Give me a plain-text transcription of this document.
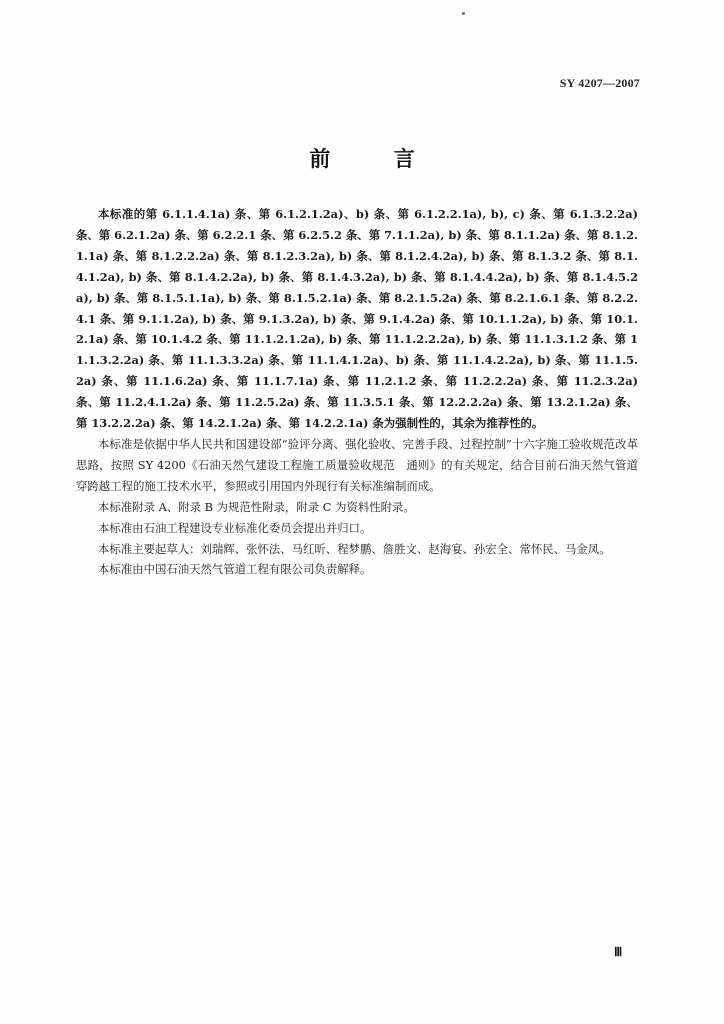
SY 4207—2007
前 言

本标准的第 6.1.1.4.1a) 条、第 6.1.2.1.2a)、b) 条、第 6.1.2.2.1a), b), c) 条、第 6.1.3.2.2a) 条、第 6.2.1.2a) 条、第 6.2.2.1 条、第 6.2.5.2 条、第 7.1.1.2a), b) 条、第 8.1.1.2a) 条、第 8.1.2.1.1a) 条、第 8.1.2.2.2a) 条、第 8.1.2.3.2a), b) 条、第 8.1.2.4.2a), b) 条、第 8.1.3.2 条、第 8.1.4.1.2a), b) 条、第 8.1.4.2.2a), b) 条、第 8.1.4.3.2a), b) 条、第 8.1.4.4.2a), b) 条、第 8.1.4.5.2a), b) 条、第 8.1.5.1.1a), b) 条、第 8.1.5.2.1a) 条、第 8.2.1.5.2a) 条、第 8.2.1.6.1 条、第 8.2.2.4.1 条、第 9.1.1.2a), b) 条、第 9.1.3.2a), b) 条、第 9.1.4.2a) 条、第 10.1.1.2a), b) 条、第 10.1.2.1a) 条、第 10.1.4.2 条、第 11.1.2.1.2a), b) 条、第 11.1.2.2.2a), b) 条、第 11.1.3.1.2 条、第 11.1.3.2.2a) 条、第 11.1.3.3.2a) 条、第 11.1.4.1.2a)、b) 条、第 11.1.4.2.2a), b) 条、第 11.1.5.2a) 条、第 11.1.6.2a) 条、第 11.1.7.1a) 条、第 11.2.1.2 条、第 11.2.2.2a) 条、第 11.2.3.2a) 条、第 11.2.4.1.2a) 条、第 11.2.5.2a) 条、第 11.3.5.1 条、第 12.2.2.2a) 条、第 13.2.1.2a) 条、第 13.2.2.2a) 条、第 14.2.1.2a) 条、第 14.2.2.1a) 条为强制性的，其余为推荐性的。

本标准是依据中华人民共和国建设部“验评分离、强化验收、完善手段、过程控制”十六字施工验收规范改革思路，按照 SY 4200《石油天然气建设工程施工质量验收规范　通则》的有关规定，结合目前石油天然气管道穿跨越工程的施工技术水平，参照或引用国内外现行有关标准编制而成。

本标准附录 A、附录 B 为规范性附录，附录 C 为资料性附录。

本标准由石油工程建设专业标准化委员会提出并归口。

本标准主要起草人：刘瑞辉、张怀法、马红昕、程梦鹏、詹胜文、赵海宴、孙宏全、常怀民、马金凤。

本标准由中国石油天然气管道工程有限公司负责解释。

Ⅲ
